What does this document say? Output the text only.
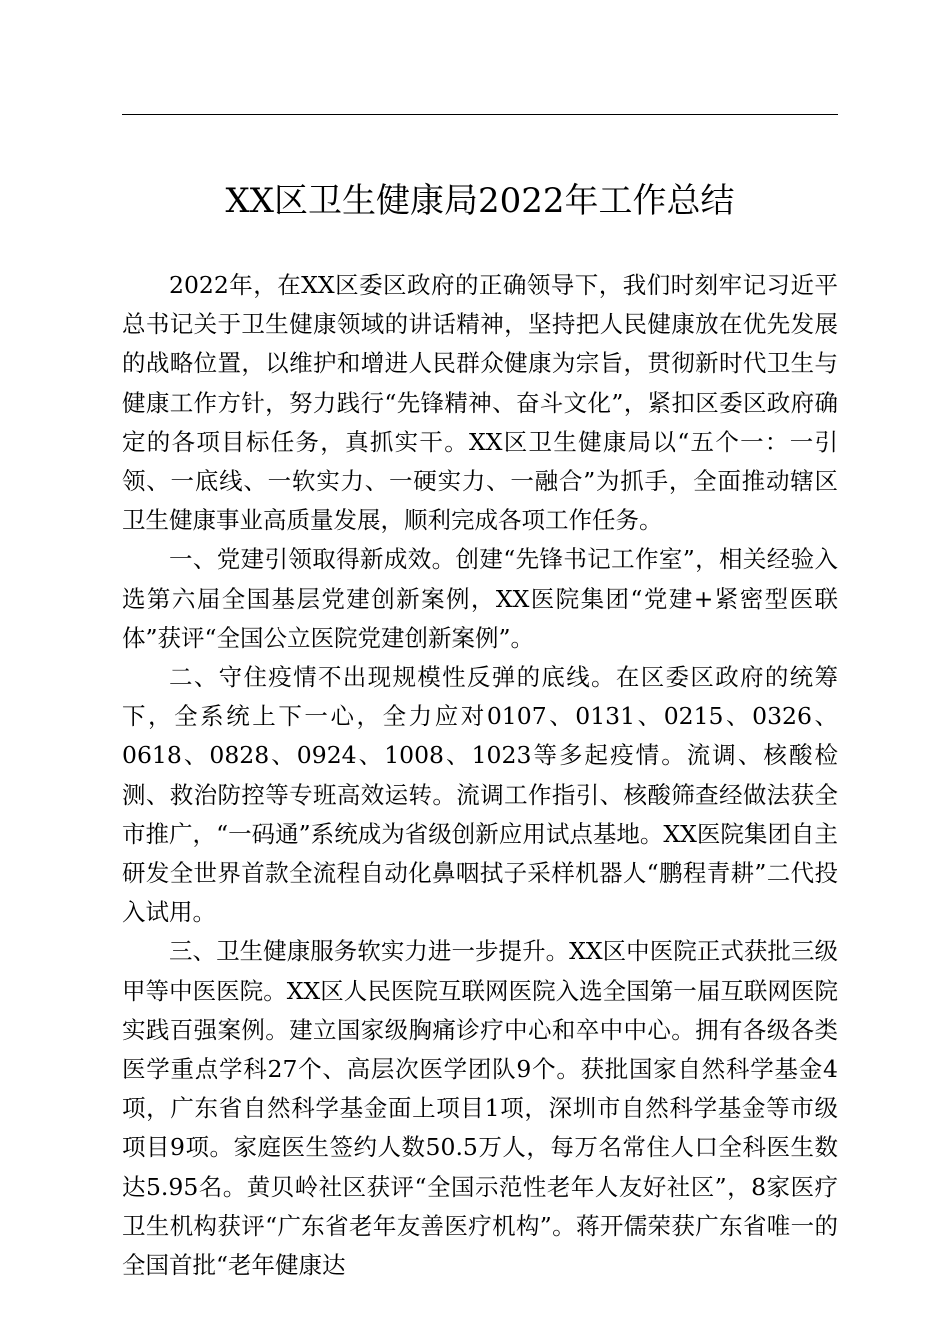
XX区卫生健康局2022年工作总结

2022年，在XX区委区政府的正确领导下，我们时刻牢记习近平总书记关于卫生健康领域的讲话精神，坚持把人民健康放在优先发展的战略位置，以维护和增进人民群众健康为宗旨，贯彻新时代卫生与健康工作方针，努力践行“先锋精神、奋斗文化”，紧扣区委区政府确定的各项目标任务，真抓实干。XX区卫生健康局以“五个一：一引领、一底线、一软实力、一硬实力、一融合”为抓手，全面推动辖区卫生健康事业高质量发展，顺利完成各项工作任务。

一、党建引领取得新成效。创建“先锋书记工作室”，相关经验入选第六届全国基层党建创新案例，XX医院集团“党建+紧密型医联体”获评“全国公立医院党建创新案例”。

二、守住疫情不出现规模性反弹的底线。在区委区政府的统筹下，全系统上下一心，全力应对0107、0131、0215、0326、0618、0828、0924、1008、1023等多起疫情。流调、核酸检测、救治防控等专班高效运转。流调工作指引、核酸筛查经做法获全市推广，“一码通”系统成为省级创新应用试点基地。XX医院集团自主研发全世界首款全流程自动化鼻咽拭子采样机器人“鹏程青耕”二代投入试用。

三、卫生健康服务软实力进一步提升。XX区中医院正式获批三级甲等中医医院。XX区人民医院互联网医院入选全国第一届互联网医院实践百强案例。建立国家级胸痛诊疗中心和卒中中心。拥有各级各类医学重点学科27个、高层次医学团队9个。获批国家自然科学基金4项，广东省自然科学基金面上项目1项，深圳市自然科学基金等市级项目9项。家庭医生签约人数50.5万人，每万名常住人口全科医生数达5.95名。黄贝岭社区获评“全国示范性老年人友好社区”，8家医疗卫生机构获评“广东省老年友善医疗机构”。蒋开儒荣获广东省唯一的全国首批“老年健康达
